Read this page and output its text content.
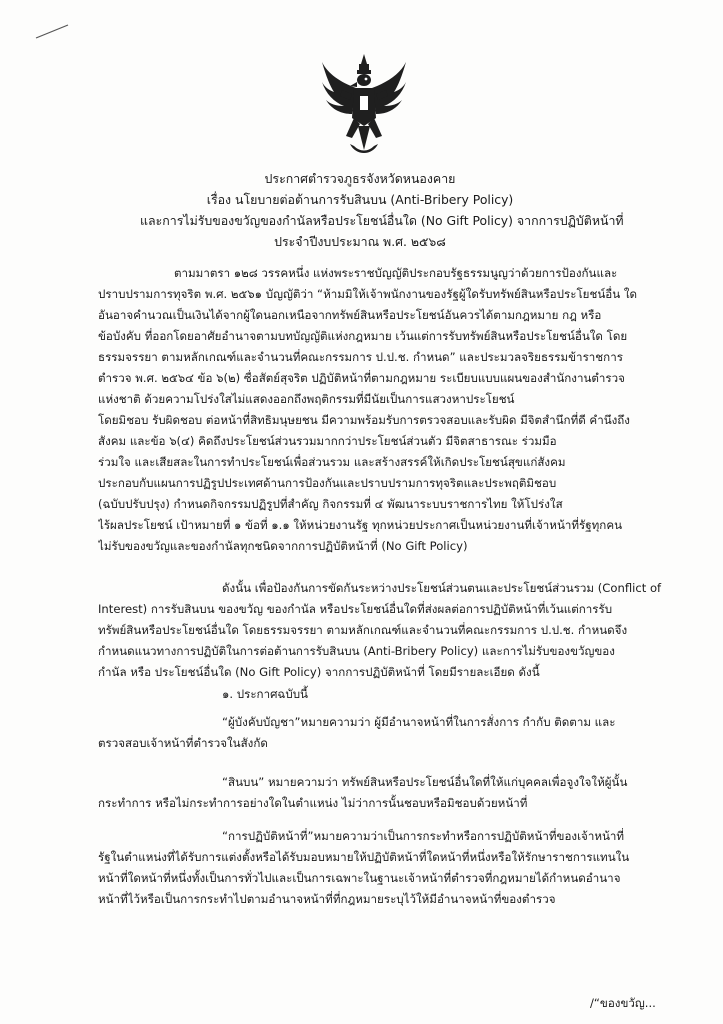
ประกาศตำรวจภูธรจังหวัดหนองคาย
เรื่อง นโยบายต่อต้านการรับสินบน (Anti-Bribery Policy)
และการไม่รับของขวัญของกำนัลหรือประโยชน์อื่นใด (No Gift Policy) จากการปฏิบัติหน้าที่
ประจำปีงบประมาณ พ.ศ. ๒๕๖๘
ตามมาตรา ๑๒๘ วรรคหนึ่ง แห่งพระราชบัญญัติประกอบรัฐธรรมนูญว่าด้วยการป้องกันและ
ปราบปรามการทุจริต พ.ศ. ๒๕๖๑ บัญญัติว่า “ห้ามมิให้เจ้าพนักงานของรัฐผู้ใดรับทรัพย์สินหรือประโยชน์อื่น ใด
อันอาจคำนวณเป็นเงินได้จากผู้ใดนอกเหนือจากทรัพย์สินหรือประโยชน์อันควรได้ตามกฎหมาย กฎ หรือ
ข้อบังคับ ที่ออกโดยอาศัยอำนาจตามบทบัญญัติแห่งกฎหมาย เว้นแต่การรับทรัพย์สินหรือประโยชน์อื่นใด โดย
ธรรมจรรยา ตามหลักเกณฑ์และจำนวนที่คณะกรรมการ ป.ป.ช. กำหนด” และประมวลจริยธรรมข้าราชการ
ตำรวจ พ.ศ. ๒๕๖๔ ข้อ ๖(๒) ซื่อสัตย์สุจริต ปฏิบัติหน้าที่ตามกฎหมาย ระเบียบแบบแผนของสำนักงานตำรวจ
แห่งชาติ ด้วยความโปร่งใสไม่แสดงออกถึงพฤติกรรมที่มีนัยเป็นการแสวงหาประโยชน์
โดยมิชอบ รับผิดชอบ ต่อหน้าที่สิทธิมนุษยชน มีความพร้อมรับการตรวจสอบและรับผิด มีจิตสำนึกที่ดี คำนึงถึง
สังคม และข้อ ๖(๔) คิดถึงประโยชน์ส่วนรวมมากกว่าประโยชน์ส่วนตัว มีจิตสาธารณะ ร่วมมือ
ร่วมใจ และเสียสละในการทำประโยชน์เพื่อส่วนรวม และสร้างสรรค์ให้เกิดประโยชน์สุขแก่สังคม
ประกอบกับแผนการปฏิรูปประเทศด้านการป้องกันและปราบปรามการทุจริตและประพฤติมิชอบ
(ฉบับปรับปรุง) กำหนดกิจกรรมปฏิรูปที่สำคัญ กิจกรรมที่ ๔ พัฒนาระบบราชการไทย ให้โปร่งใส
ไร้ผลประโยชน์ เป้าหมายที่ ๑ ข้อที่ ๑.๑ ให้หน่วยงานรัฐ ทุกหน่วยประกาศเป็นหน่วยงานที่เจ้าหน้าที่รัฐทุกคน
ไม่รับของขวัญและของกำนัลทุกชนิดจากการปฏิบัติหน้าที่ (No Gift Policy)
ดังนั้น เพื่อป้องกันการขัดกันระหว่างประโยชน์ส่วนตนและประโยชน์ส่วนรวม (Conflict of
Interest) การรับสินบน ของขวัญ ของกำนัล หรือประโยชน์อื่นใดที่ส่งผลต่อการปฏิบัติหน้าที่เว้นแต่การรับ
ทรัพย์สินหรือประโยชน์อื่นใด โดยธรรมจรรยา ตามหลักเกณฑ์และจำนวนที่คณะกรรมการ ป.ป.ช. กำหนดจึง
กำหนดแนวทางการปฏิบัติในการต่อต้านการรับสินบน (Anti-Bribery Policy) และการไม่รับของขวัญของ
กำนัล หรือ ประโยชน์อื่นใด (No Gift Policy) จากการปฏิบัติหน้าที่ โดยมีรายละเอียด ดังนี้
๑. ประกาศฉบับนี้
“ผู้บังคับบัญชา”หมายความว่า ผู้มีอำนาจหน้าที่ในการสั่งการ กำกับ ติดตาม และ
ตรวจสอบเจ้าหน้าที่ตำรวจในสังกัด
“สินบน” หมายความว่า ทรัพย์สินหรือประโยชน์อื่นใดที่ให้แก่บุคคลเพื่อจูงใจให้ผู้นั้น
กระทำการ หรือไม่กระทำการอย่างใดในตำแหน่ง ไม่ว่าการนั้นชอบหรือมิชอบด้วยหน้าที่
“การปฏิบัติหน้าที่”หมายความว่าเป็นการกระทำหรือการปฏิบัติหน้าที่ของเจ้าหน้าที่
รัฐในตำแหน่งที่ได้รับการแต่งตั้งหรือได้รับมอบหมายให้ปฏิบัติหน้าที่ใดหน้าที่หนึ่งหรือให้รักษาราชการแทนใน
หน้าที่ใดหน้าที่หนึ่งทั้งเป็นการทั่วไปและเป็นการเฉพาะในฐานะเจ้าหน้าที่ตำรวจที่กฎหมายได้กำหนดอำนาจ
หน้าที่ไว้หรือเป็นการกระทำไปตามอำนาจหน้าที่ที่กฎหมายระบุไว้ให้มีอำนาจหน้าที่ของตำรวจ
/“ของขวัญ...
